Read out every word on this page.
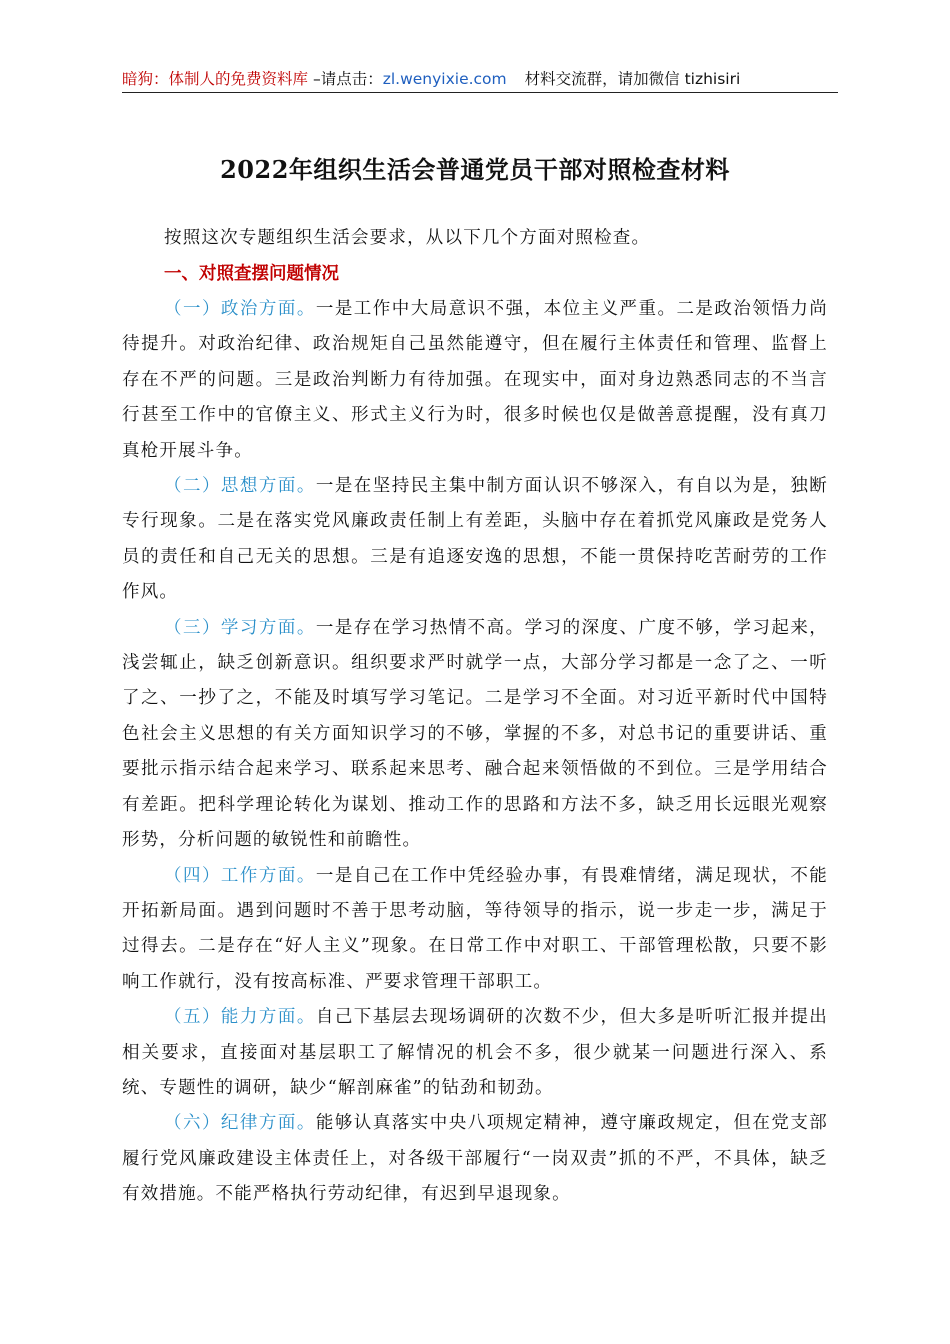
暗狗：体制人的免费资料库 –请点击：zl.wenyixie.com 材料交流群，请加微信 tizhisiri
2022年组织生活会普通党员干部对照检查材料

按照这次专题组织生活会要求，从以下几个方面对照检查。

一、对照查摆问题情况

（一）政治方面。一是工作中大局意识不强，本位主义严重。二是政治领悟力尚待提升。对政治纪律、政治规矩自己虽然能遵守，但在履行主体责任和管理、监督上存在不严的问题。三是政治判断力有待加强。在现实中，面对身边熟悉同志的不当言行甚至工作中的官僚主义、形式主义行为时，很多时候也仅是做善意提醒，没有真刀真枪开展斗争。

（二）思想方面。一是在坚持民主集中制方面认识不够深入，有自以为是，独断专行现象。二是在落实党风廉政责任制上有差距，头脑中存在着抓党风廉政是党务人员的责任和自己无关的思想。三是有追逐安逸的思想，不能一贯保持吃苦耐劳的工作作风。

（三）学习方面。一是存在学习热情不高。学习的深度、广度不够，学习起来，浅尝辄止，缺乏创新意识。组织要求严时就学一点，大部分学习都是一念了之、一听了之、一抄了之，不能及时填写学习笔记。二是学习不全面。对习近平新时代中国特色社会主义思想的有关方面知识学习的不够，掌握的不多，对总书记的重要讲话、重要批示指示结合起来学习、联系起来思考、融合起来领悟做的不到位。三是学用结合有差距。把科学理论转化为谋划、推动工作的思路和方法不多，缺乏用长远眼光观察形势，分析问题的敏锐性和前瞻性。

（四）工作方面。一是自己在工作中凭经验办事，有畏难情绪，满足现状，不能开拓新局面。遇到问题时不善于思考动脑，等待领导的指示，说一步走一步，满足于过得去。二是存在“好人主义”现象。在日常工作中对职工、干部管理松散，只要不影响工作就行，没有按高标准、严要求管理干部职工。

（五）能力方面。自己下基层去现场调研的次数不少，但大多是听听汇报并提出相关要求，直接面对基层职工了解情况的机会不多，很少就某一问题进行深入、系统、专题性的调研，缺少“解剖麻雀”的钻劲和韧劲。

（六）纪律方面。能够认真落实中央八项规定精神，遵守廉政规定，但在党支部履行党风廉政建设主体责任上，对各级干部履行“一岗双责”抓的不严，不具体，缺乏有效措施。不能严格执行劳动纪律，有迟到早退现象。
